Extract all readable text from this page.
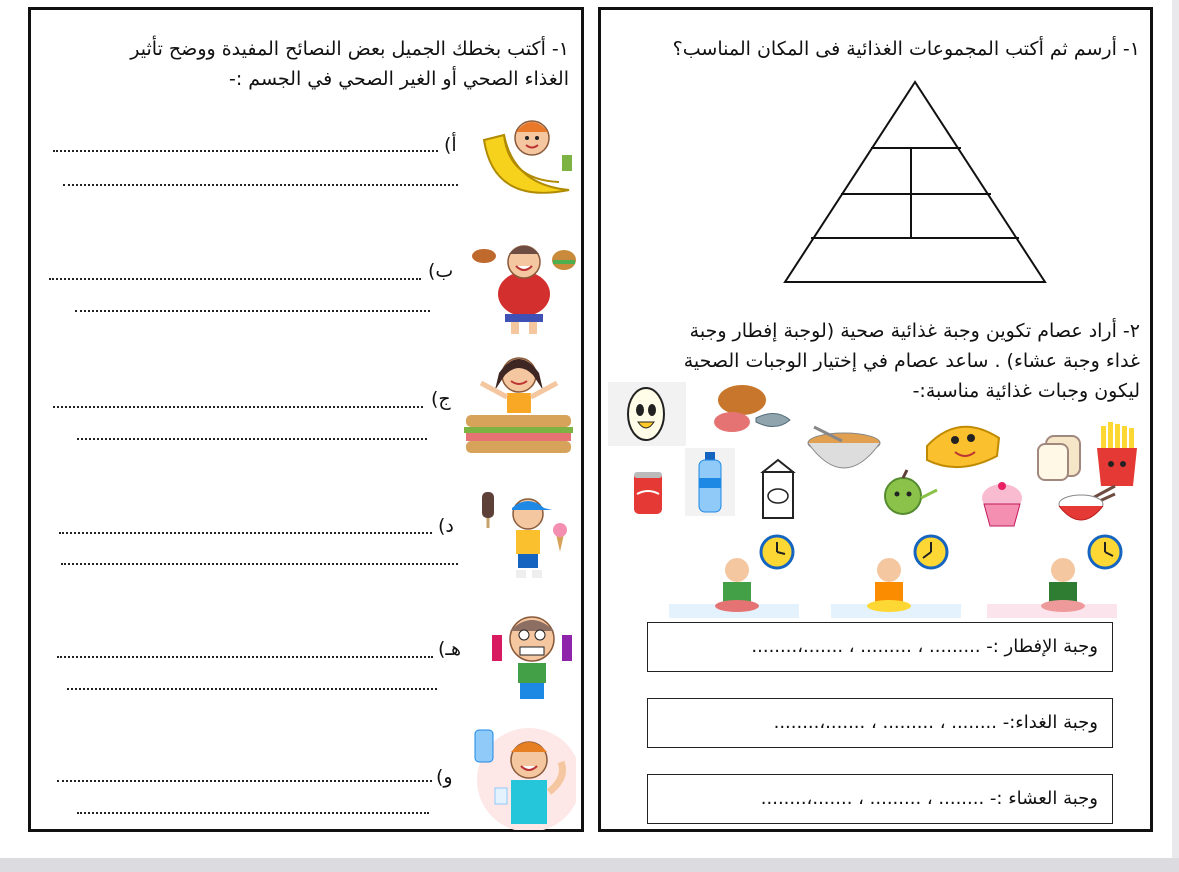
١- أكتب بخطك الجميل بعض النصائح المفيدة ووضح تأثير
الغذاء الصحي أو الغير الصحي في الجسم :-
أ)
ب)
ج)
د)
هـ)
و)
١- أرسم ثم أكتب المجموعات الغذائية فى المكان المناسب؟
٢- أراد عصام تكوين وجبة غذائية صحية (لوجبة إفطار وجبة
غداء وجبة عشاء) . ساعد عصام في إختيار الوجبات الصحية
ليكون وجبات غذائية مناسبة:-
وجبة الإفطار :- ......... ، ......... ، .......،........
وجبة الغداء:- ........ ، ......... ، .......،........
وجبة العشاء :- ........ ، ......... ، .......،........
